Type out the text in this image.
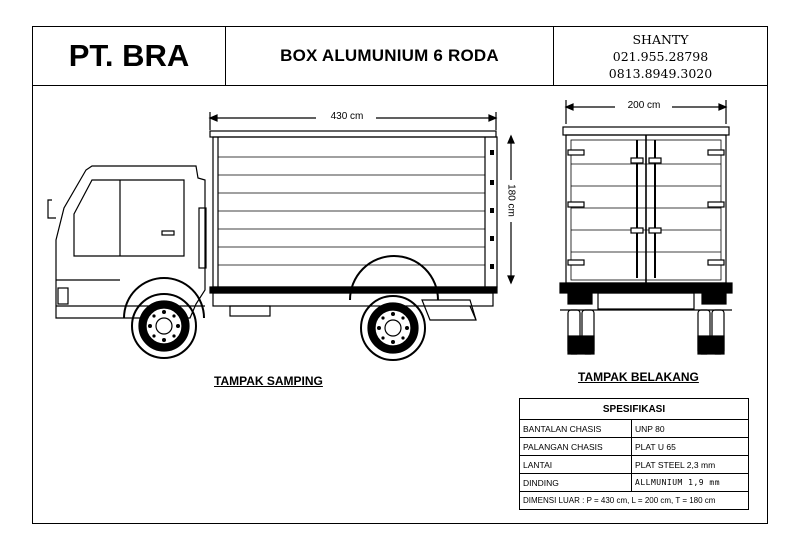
PT. BRA	BOX ALUMUNIUM 6 RODA
SHANTY
021.955.28798
0813.8949.3020
430 cm
180 cm
200 cm
TAMPAK SAMPING	TAMPAK BELAKANG
SPESIFIKASI	
BANTALAN CHASIS	UNP 80
PALANGAN CHASIS	PLAT U 65
LANTAI	PLAT STEEL 2,3 mm
DINDING	ALLMUNIUM 1,9 mm
DIMENSI LUAR : P = 430 cm, L = 200 cm, T = 180 cm	
